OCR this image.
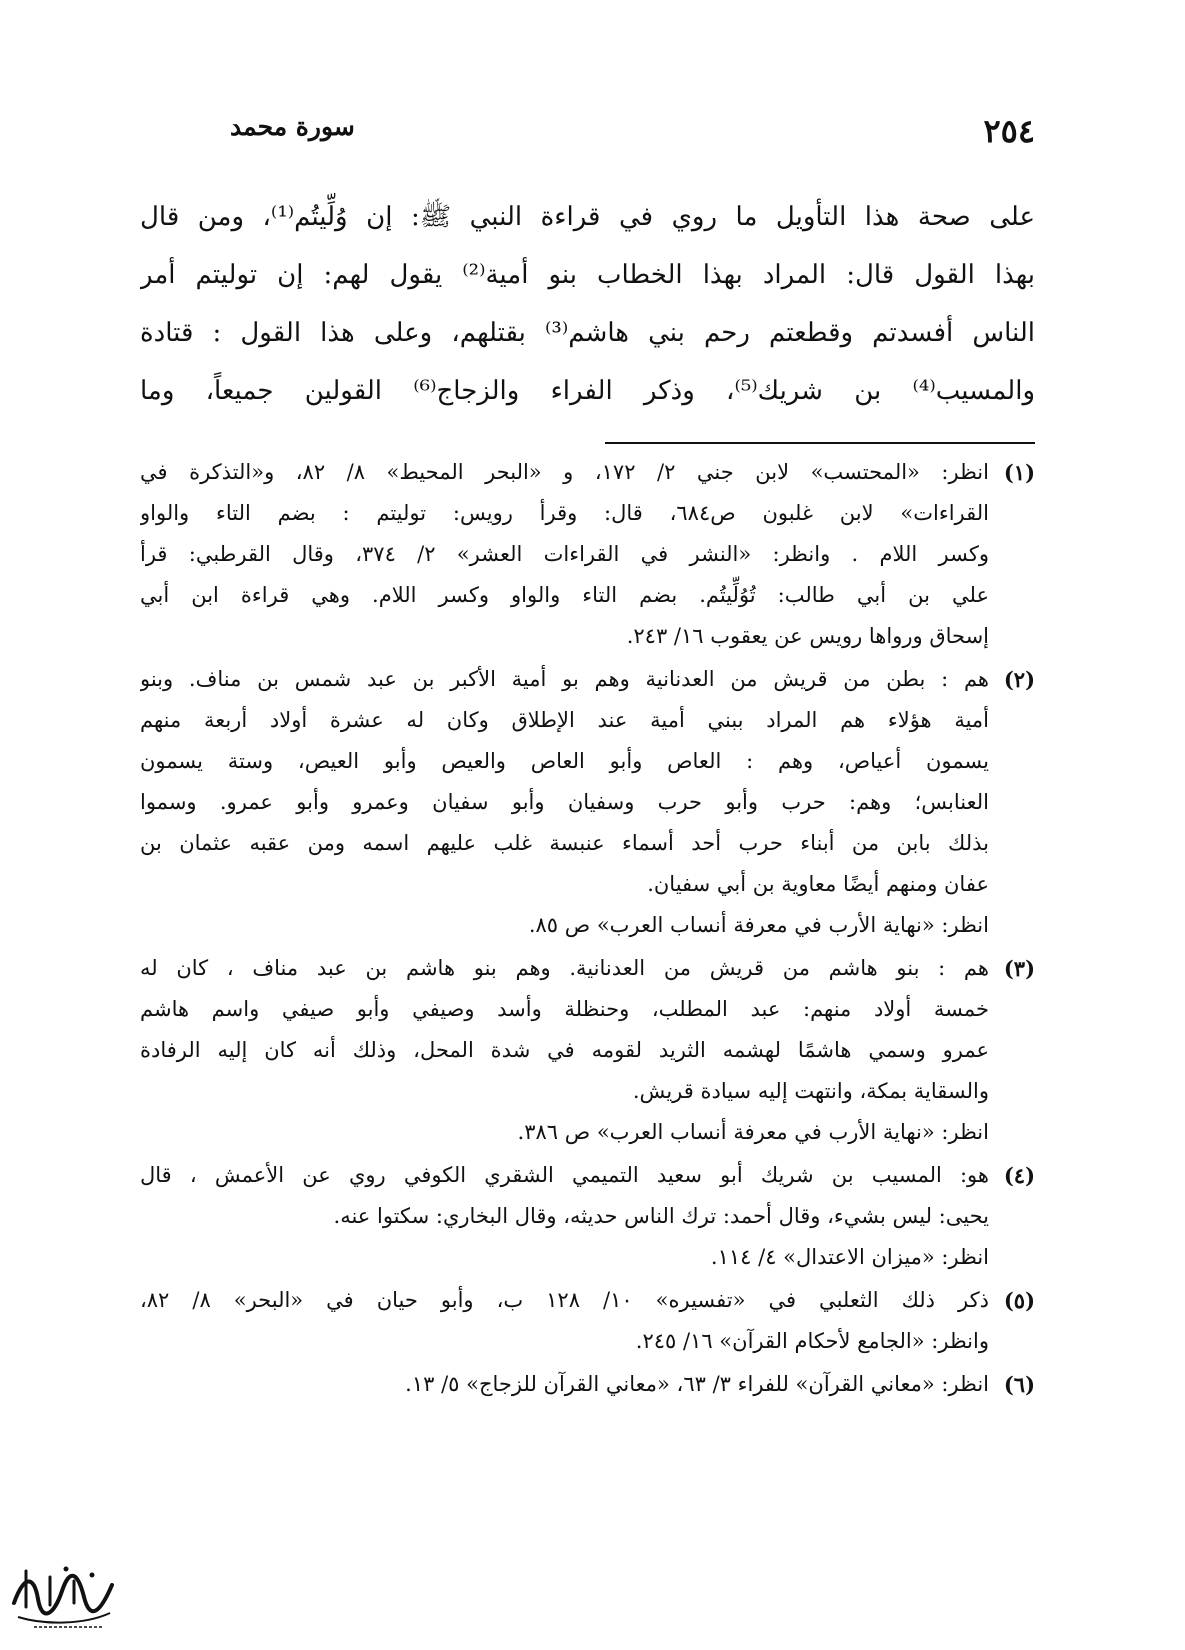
٢٥٤
سورة محمد
على صحة هذا التأويل ما روي في قراءة النبي ﷺ: إن وُلِّيتُم⁽¹⁾، ومن قال
بهذا القول قال: المراد بهذا الخطاب بنو أمية⁽²⁾ يقول لهم: إن توليتم أمر
الناس أفسدتم وقطعتم رحم بني هاشم⁽³⁾ بقتلهم، وعلى هذا القول : قتادة
والمسيب⁽⁴⁾ بن شريك⁽⁵⁾، وذكر الفراء والزجاج⁽⁶⁾ القولين جميعاً، وما
(١)
انظر: «المحتسب» لابن جني ٢/ ١٧٢، و «البحر المحيط» ٨/ ٨٢، و«التذكرة في
القراءات» لابن غلبون ص٦٨٤، قال: وقرأ رويس: توليتم : بضم التاء والواو
وكسر اللام . وانظر: «النشر في القراءات العشر» ٢/ ٣٧٤، وقال القرطبي: قرأ
علي بن أبي طالب: تُوُلِّيتُم. بضم التاء والواو وكسر اللام. وهي قراءة ابن أبي
إسحاق ورواها رويس عن يعقوب ١٦/ ٢٤٣.
(٢)
هم : بطن من قريش من العدنانية وهم بو أمية الأكبر بن عبد شمس بن مناف. وبنو
أمية هؤلاء هم المراد ببني أمية عند الإطلاق وكان له عشرة أولاد أربعة منهم
يسمون أعياص، وهم : العاص وأبو العاص والعيص وأبو العيص، وستة يسمون
العنابس؛ وهم: حرب وأبو حرب وسفيان وأبو سفيان وعمرو وأبو عمرو. وسموا
بذلك بابن من أبناء حرب أحد أسماء عنبسة غلب عليهم اسمه ومن عقبه عثمان بن
عفان ومنهم أيضًا معاوية بن أبي سفيان.
انظر: «نهاية الأرب في معرفة أنساب العرب» ص ٨٥.
(٣)
هم : بنو هاشم من قريش من العدنانية. وهم بنو هاشم بن عبد مناف ، كان له
خمسة أولاد منهم: عبد المطلب، وحنظلة وأسد وصيفي وأبو صيفي واسم هاشم
عمرو وسمي هاشمًا لهشمه الثريد لقومه في شدة المحل، وذلك أنه كان إليه الرفادة
والسقاية بمكة، وانتهت إليه سيادة قريش.
انظر: «نهاية الأرب في معرفة أنساب العرب» ص ٣٨٦.
(٤)
هو: المسيب بن شريك أبو سعيد التميمي الشقري الكوفي روي عن الأعمش ، قال
يحيى: ليس بشيء، وقال أحمد: ترك الناس حديثه، وقال البخاري: سكتوا عنه.
انظر: «ميزان الاعتدال» ٤/ ١١٤.
(٥)
ذكر ذلك الثعلبي في «تفسيره» ١٠/ ١٢٨ ب، وأبو حيان في «البحر» ٨/ ٨٢،
وانظر: «الجامع لأحكام القرآن» ١٦/ ٢٤٥.
(٦)
انظر: «معاني القرآن» للفراء ٣/ ٦٣، «معاني القرآن للزجاج» ٥/ ١٣.
